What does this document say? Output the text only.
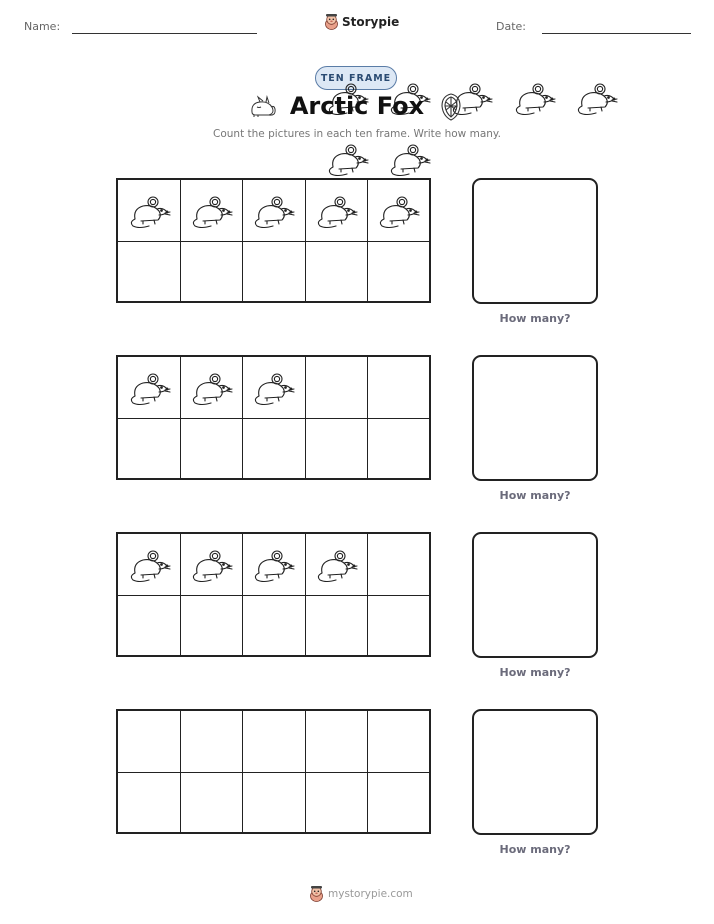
Name:	Storypie	Date:
TEN FRAME
Arctic Fox
Count the pictures in each ten frame. Write how many.
How many?
How many?
How many?
How many?
mystorypie.com
